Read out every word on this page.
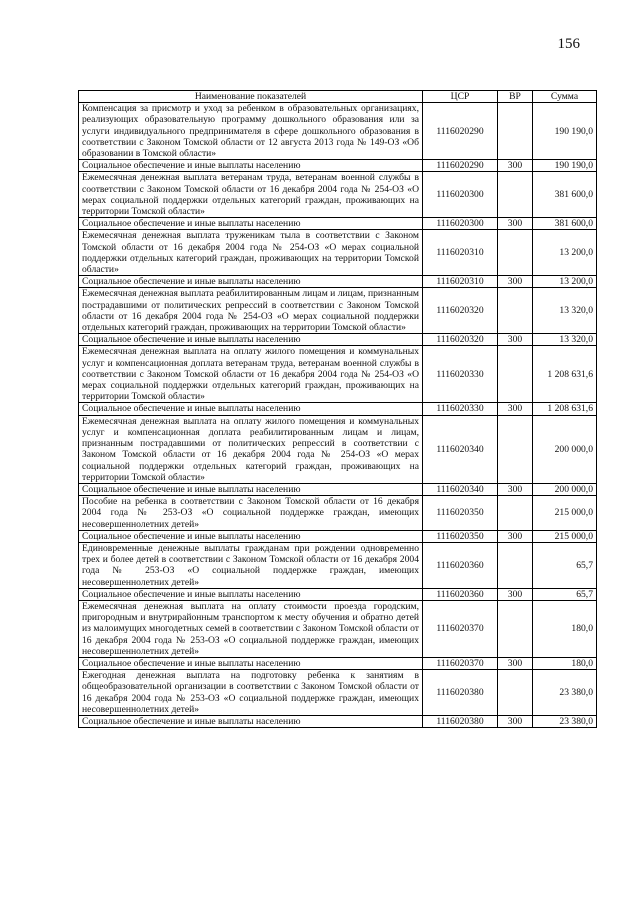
156
Наименование показателей	ЦСР	ВР	Сумма
Компенсация за присмотр и уход за ребенком в образовательных организациях, реализующих образовательную программу дошкольного образования или за услуги индивидуального предпринимателя в сфере дошкольного образования в соответствии с Законом Томской области от 12 августа 2013 года № 149-ОЗ «Об образовании в Томской области»	1116020290		190 190,0
Социальное обеспечение и иные выплаты населению	1116020290	300	190 190,0
Ежемесячная денежная выплата ветеранам труда, ветеранам военной службы в соответствии с Законом Томской области от 16 декабря 2004 года № 254-ОЗ «О мерах социальной поддержки отдельных категорий граждан, проживающих на территории Томской области»	1116020300		381 600,0
Социальное обеспечение и иные выплаты населению	1116020300	300	381 600,0
Ежемесячная денежная выплата труженикам тыла в соответствии с Законом Томской области от 16 декабря 2004 года № 254-ОЗ «О мерах социальной поддержки отдельных категорий граждан, проживающих на территории Томской области»	1116020310		13 200,0
Социальное обеспечение и иные выплаты населению	1116020310	300	13 200,0
Ежемесячная денежная выплата реабилитированным лицам и лицам, признанным пострадавшими от политических репрессий в соответствии с Законом Томской области от 16 декабря 2004 года № 254-ОЗ «О мерах социальной поддержки отдельных категорий граждан, проживающих на территории Томской области»	1116020320		13 320,0
Социальное обеспечение и иные выплаты населению	1116020320	300	13 320,0
Ежемесячная денежная выплата на оплату жилого помещения и коммунальных услуг и компенсационная доплата ветеранам труда, ветеранам военной службы в соответствии с Законом Томской области от 16 декабря 2004 года № 254-ОЗ «О мерах социальной поддержки отдельных категорий граждан, проживающих на территории Томской области»	1116020330		1 208 631,6
Социальное обеспечение и иные выплаты населению	1116020330	300	1 208 631,6
Ежемесячная денежная выплата на оплату жилого помещения и коммунальных услуг и компенсационная доплата реабилитированным лицам и лицам, признанным пострадавшими от политических репрессий в соответствии с Законом Томской области от 16 декабря 2004 года № 254-ОЗ «О мерах социальной поддержки отдельных категорий граждан, проживающих на территории Томской области»	1116020340		200 000,0
Социальное обеспечение и иные выплаты населению	1116020340	300	200 000,0
Пособие на ребенка в соответствии с Законом Томской области от 16 декабря 2004 года № 253-ОЗ «О социальной поддержке граждан, имеющих несовершеннолетних детей»	1116020350		215 000,0
Социальное обеспечение и иные выплаты населению	1116020350	300	215 000,0
Единовременные денежные выплаты гражданам при рождении одновременно трех и более детей в соответствии с Законом Томской области от 16 декабря 2004 года № 253-ОЗ «О социальной поддержке граждан, имеющих несовершеннолетних детей»	1116020360		65,7
Социальное обеспечение и иные выплаты населению	1116020360	300	65,7
Ежемесячная денежная выплата на оплату стоимости проезда городским, пригородным и внутрирайонным транспортом к месту обучения и обратно детей из малоимущих многодетных семей в соответствии с Законом Томской области от 16 декабря 2004 года № 253-ОЗ «О социальной поддержке граждан, имеющих несовершеннолетних детей»	1116020370		180,0
Социальное обеспечение и иные выплаты населению	1116020370	300	180,0
Ежегодная денежная выплата на подготовку ребенка к занятиям в общеобразовательной организации в соответствии с Законом Томской области от 16 декабря 2004 года № 253-ОЗ «О социальной поддержке граждан, имеющих несовершеннолетних детей»	1116020380		23 380,0
Социальное обеспечение и иные выплаты населению	1116020380	300	23 380,0
